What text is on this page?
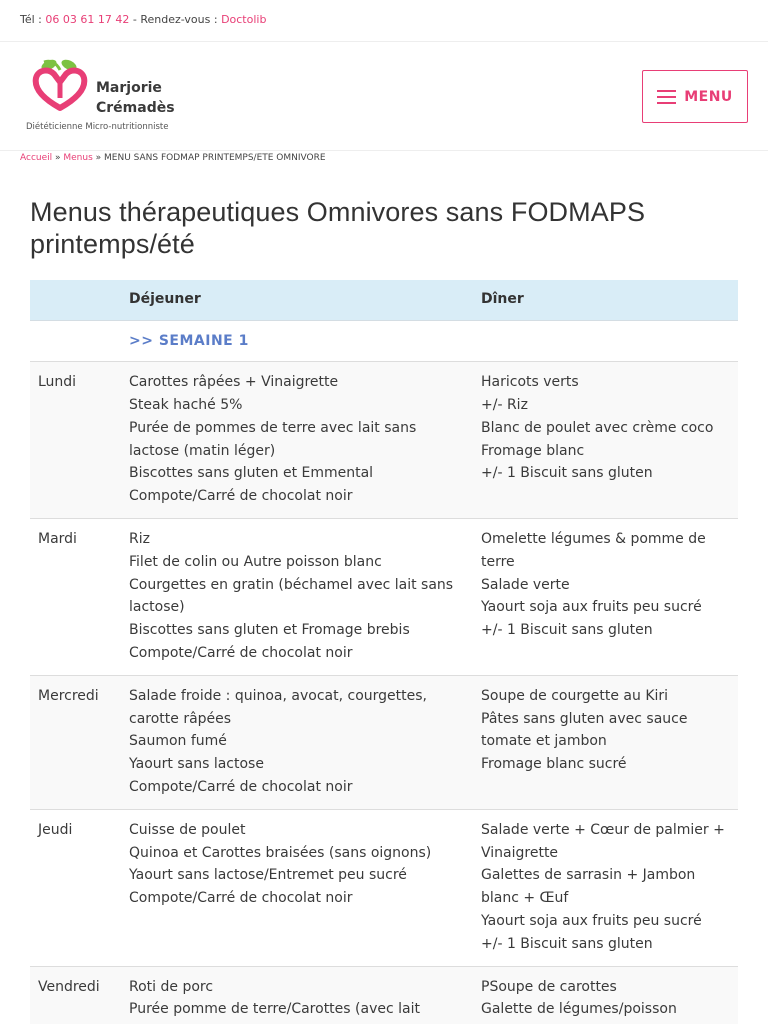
Tél : 06 03 61 17 42 - Rendez-vous : Doctolib
Marjorie
Crémadès
Diététicienne Micro-nutritionniste
MENU
Accueil » Menus » MENU SANS FODMAP PRINTEMPS/ETE OMNIVORE
Menus thérapeutiques Omnivores sans FODMAPS printemps/été
	Déjeuner	Dîner
	>> SEMAINE 1	
Lundi	Carottes râpées + Vinaigrette
Steak haché 5%
Purée de pommes de terre avec lait sans lactose (matin léger)
Biscottes sans gluten et Emmental
Compote/Carré de chocolat noir	Haricots verts
+/- Riz
Blanc de poulet avec crème coco
Fromage blanc
+/- 1 Biscuit sans gluten

Mardi	Riz
Filet de colin ou Autre poisson blanc
Courgettes en gratin (béchamel avec lait sans lactose)
Biscottes sans gluten et Fromage brebis
Compote/Carré de chocolat noir	Omelette légumes & pomme de terre
Salade verte
Yaourt soja aux fruits peu sucré
+/- 1 Biscuit sans gluten

Mercredi	Salade froide : quinoa, avocat, courgettes, carotte râpées
Saumon fumé
Yaourt sans lactose
Compote/Carré de chocolat noir	Soupe de courgette au Kiri
Pâtes sans gluten avec sauce tomate et jambon
Fromage blanc sucré

Jeudi	Cuisse de poulet
Quinoa et Carottes braisées (sans oignons)
Yaourt sans lactose/Entremet peu sucré
Compote/Carré de chocolat noir	Salade verte + Cœur de palmier + Vinaigrette
Galettes de sarrasin + Jambon blanc + Œuf
Yaourt soja aux fruits peu sucré
+/- 1 Biscuit sans gluten

Vendredi	Roti de porc
Purée pomme de terre/Carottes (avec lait	PSoupe de carottes
Galette de légumes/poisson
